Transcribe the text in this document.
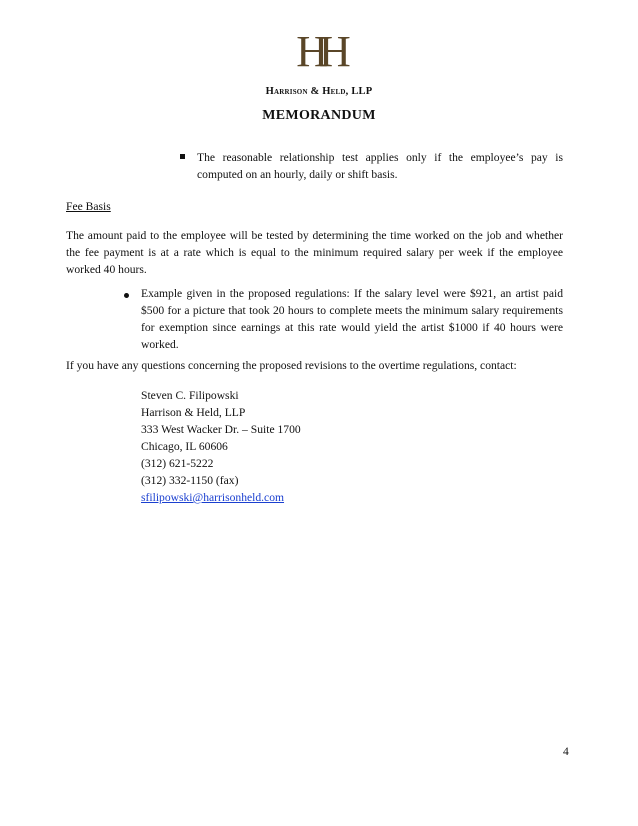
HH
Harrison & Held, LLP
MEMORANDUM

The reasonable relationship test applies only if the employee’s pay is computed on an hourly, daily or shift basis.

Fee Basis

The amount paid to the employee will be tested by determining the time worked on the job and whether the fee payment is at a rate which is equal to the minimum required salary per week if the employee worked 40 hours.

Example given in the proposed regulations: If the salary level were $921, an artist paid $500 for a picture that took 20 hours to complete meets the minimum salary requirements for exemption since earnings at this rate would yield the artist $1000 if 40 hours were worked.

If you have any questions concerning the proposed revisions to the overtime regulations, contact:

Steven C. Filipowski
Harrison & Held, LLP
333 West Wacker Dr. – Suite 1700
Chicago, IL 60606
(312) 621-5222
(312) 332-1150 (fax)
sfilipowski@harrisonheld.com
4
